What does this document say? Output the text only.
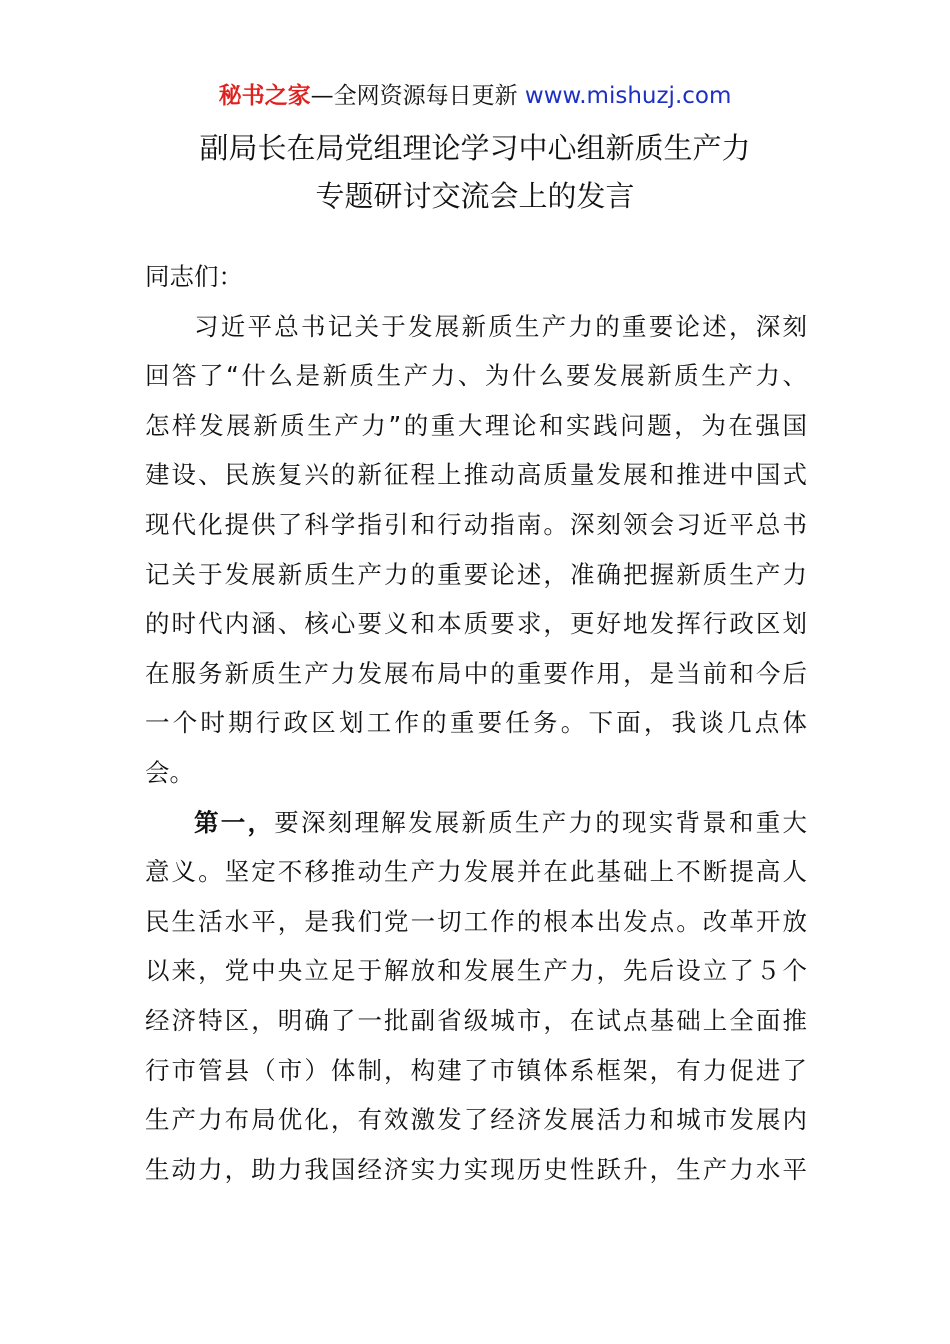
秘书之家—全网资源每日更新 www.mishuzj.com
副局长在局党组理论学习中心组新质生产力
专题研讨交流会上的发言
同志们：
习近平总书记关于发展新质生产力的重要论述，深刻
回答了“什么是新质生产力、为什么要发展新质生产力、
怎样发展新质生产力”的重大理论和实践问题，为在强国
建设、民族复兴的新征程上推动高质量发展和推进中国式
现代化提供了科学指引和行动指南。深刻领会习近平总书
记关于发展新质生产力的重要论述，准确把握新质生产力
的时代内涵、核心要义和本质要求，更好地发挥行政区划
在服务新质生产力发展布局中的重要作用，是当前和今后
一个时期行政区划工作的重要任务。下面，我谈几点体
会。
第一，要深刻理解发展新质生产力的现实背景和重大
意义。坚定不移推动生产力发展并在此基础上不断提高人
民生活水平，是我们党一切工作的根本出发点。改革开放
以来，党中央立足于解放和发展生产力，先后设立了５个
经济特区，明确了一批副省级城市，在试点基础上全面推
行市管县（市）体制，构建了市镇体系框架，有力促进了
生产力布局优化，有效激发了经济发展活力和城市发展内
生动力，助力我国经济实力实现历史性跃升，生产力水平
